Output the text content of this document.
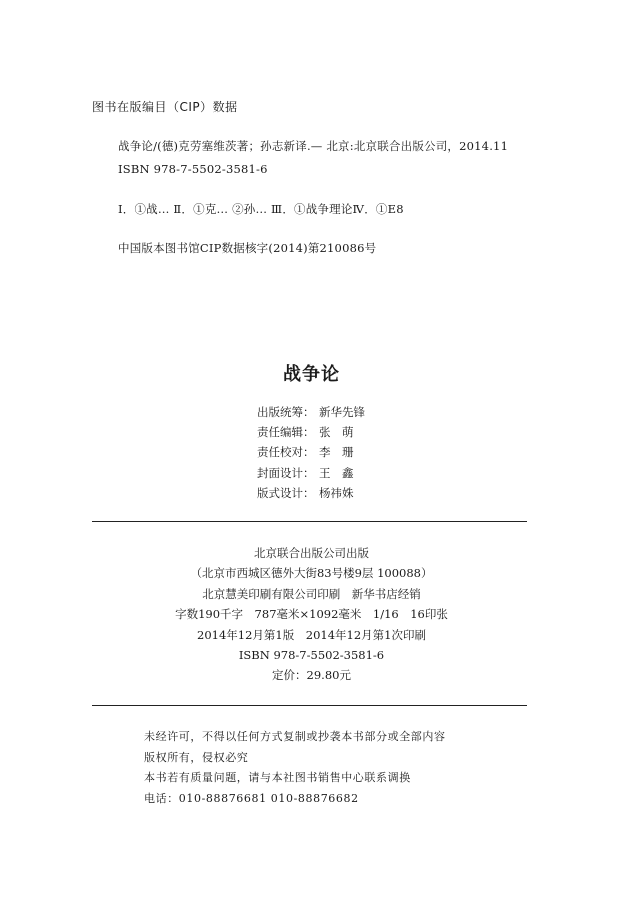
图书在版编目（CIP）数据
战争论/(德)克劳塞维茨著；孙志新译.— 北京:北京联合出版公司，2014.11
ISBN 978-7-5502-3581-6
Ⅰ．①战… Ⅱ．①克… ②孙… Ⅲ．①战争理论Ⅳ．①E8
中国版本图书馆CIP数据核字(2014)第210086号
战争论
出版统筹： 新华先锋
责任编辑： 张　萌
责任校对： 李　珊
封面设计： 王　鑫
版式设计： 杨祎姝
北京联合出版公司出版
（北京市西城区德外大街83号楼9层 100088）
北京慧美印刷有限公司印刷　新华书店经销
字数190千字　787毫米×1092毫米　1/16　16印张
2014年12月第1版　2014年12月第1次印刷
ISBN 978-7-5502-3581-6
定价：29.80元
未经许可，不得以任何方式复制或抄袭本书部分或全部内容
版权所有，侵权必究
本书若有质量问题，请与本社图书销售中心联系调换
电话：010-88876681 010-88876682
